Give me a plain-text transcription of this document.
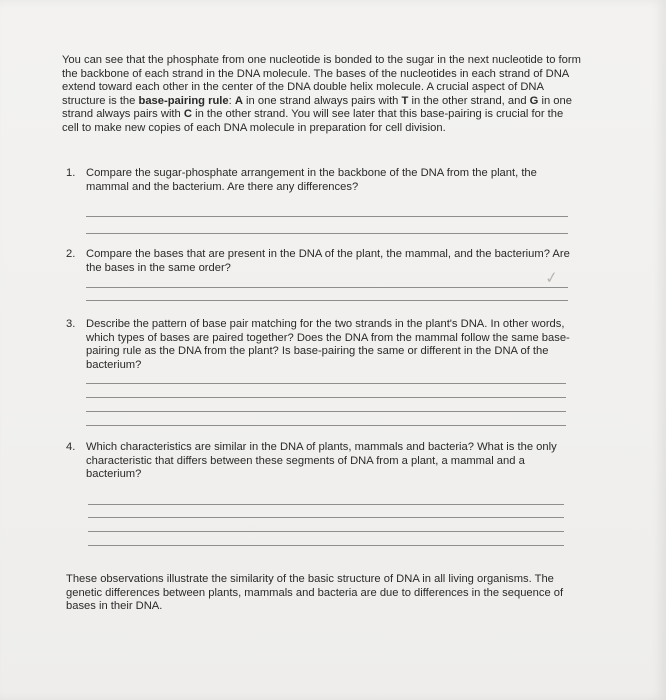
You can see that the phosphate from one nucleotide is bonded to the sugar in the next nucleotide to form the backbone of each strand in the DNA molecule. The bases of the nucleotides in each strand of DNA extend toward each other in the center of the DNA double helix molecule. A crucial aspect of DNA structure is the base-pairing rule: A in one strand always pairs with T in the other strand, and G in one strand always pairs with C in the other strand. You will see later that this base-pairing is crucial for the cell to make new copies of each DNA molecule in preparation for cell division.

1. Compare the sugar-phosphate arrangement in the backbone of the DNA from the plant, the mammal and the bacterium. Are there any differences?

2. Compare the bases that are present in the DNA of the plant, the mammal, and the bacterium? Are the bases in the same order?

✓
3. Describe the pattern of base pair matching for the two strands in the plant's DNA. In other words, which types of bases are paired together? Does the DNA from the mammal follow the same base-pairing rule as the DNA from the plant? Is base-pairing the same or different in the DNA of the bacterium?

4. Which characteristics are similar in the DNA of plants, mammals and bacteria? What is the only characteristic that differs between these segments of DNA from a plant, a mammal and a bacterium?

These observations illustrate the similarity of the basic structure of DNA in all living organisms. The genetic differences between plants, mammals and bacteria are due to differences in the sequence of bases in their DNA.
